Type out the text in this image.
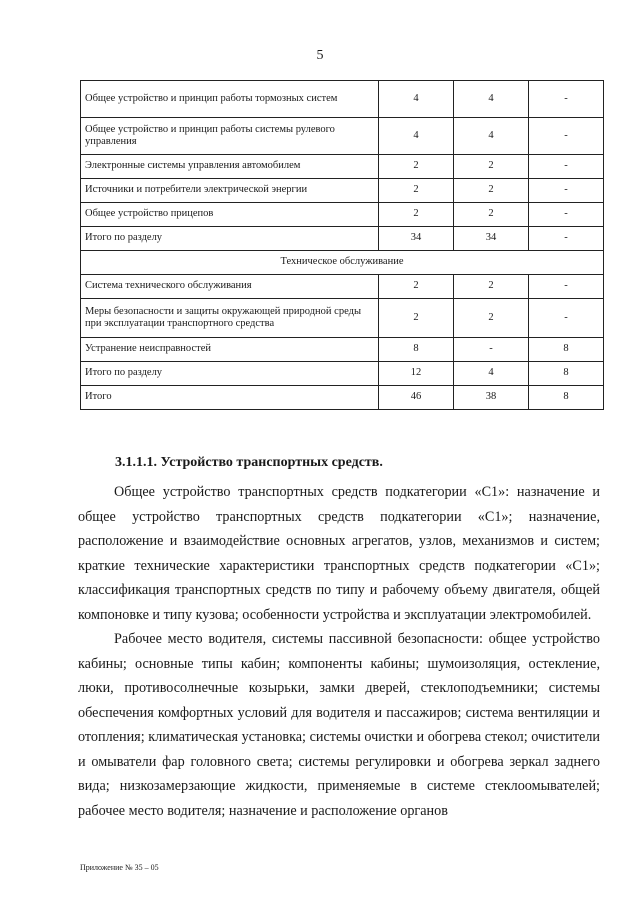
5
Общее устройство и принцип работы тормозных систем	4	4	-
Общее устройство и принцип работы системы рулевого управления	4	4	-
Электронные системы управления автомобилем	2	2	-
Источники и потребители электрической энергии	2	2	-
Общее устройство прицепов	2	2	-
Итого по разделу	34	34	-
Техническое обслуживание			
Система технического обслуживания	2	2	-
Меры безопасности и защиты окружающей природной среды при эксплуатации транспортного средства	2	2	-
Устранение неисправностей	8	-	8
Итого по разделу	12	4	8
Итого	46	38	8
3.1.1.1. Устройство транспортных средств.

Общее устройство транспортных средств подкатегории «C1»: назначение и общее устройство транспортных средств подкатегории «C1»; назначение, расположение и взаимодействие основных агрегатов, узлов, механизмов и систем; краткие технические характеристики транспортных средств подкатегории «C1»; классификация транспортных средств по типу и рабочему объему двигателя, общей компоновке и типу кузова; особенности устройства и эксплуатации электромобилей.

Рабочее место водителя, системы пассивной безопасности: общее устройство кабины; основные типы кабин; компоненты кабины; шумоизоляция, остекление, люки, противосолнечные козырьки, замки дверей, стеклоподъемники; системы обеспечения комфортных условий для водителя и пассажиров; система вентиляции и отопления; климатическая установка; системы очистки и обогрева стекол; очистители и омыватели фар головного света; системы регулировки и обогрева зеркал заднего вида; низкозамерзающие жидкости, применяемые в системе стеклоомывателей; рабочее место водителя; назначение и расположение органов

Приложение № 35 – 05
